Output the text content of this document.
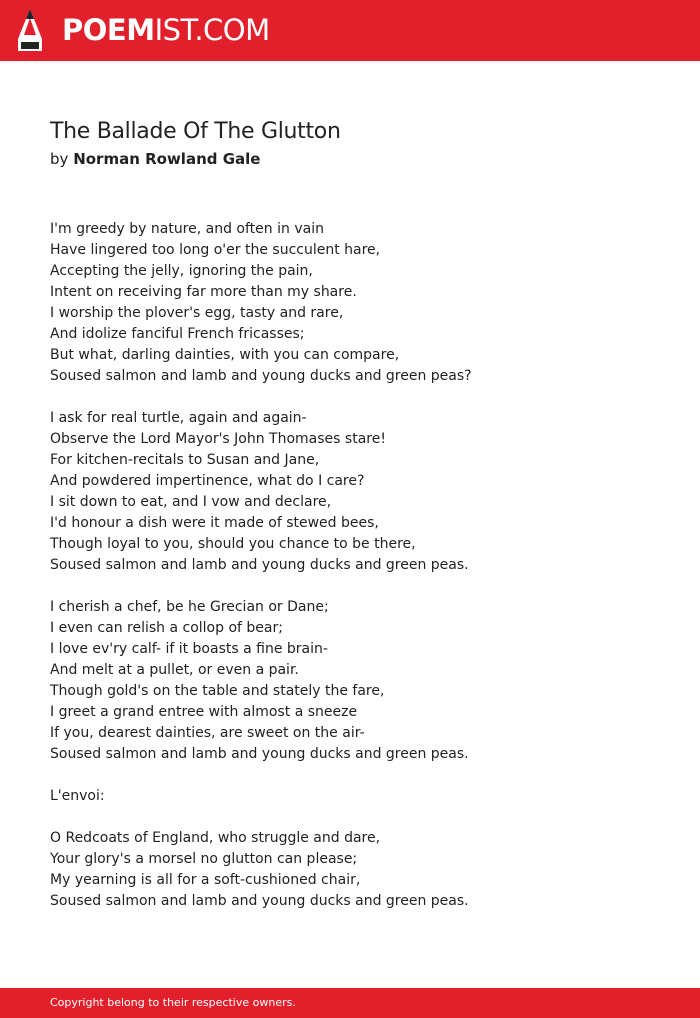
POEMIST.COM
The Ballade Of The Glutton
by Norman Rowland Gale
I'm greedy by nature, and often in vain
Have lingered too long o'er the succulent hare,
Accepting the jelly, ignoring the pain,
Intent on receiving far more than my share.
I worship the plover's egg, tasty and rare,
And idolize fanciful French fricasses;
But what, darling dainties, with you can compare,
Soused salmon and lamb and young ducks and green peas?
I ask for real turtle, again and again-
Observe the Lord Mayor's John Thomases stare!
For kitchen-recitals to Susan and Jane,
And powdered impertinence, what do I care?
I sit down to eat, and I vow and declare,
I'd honour a dish were it made of stewed bees,
Though loyal to you, should you chance to be there,
Soused salmon and lamb and young ducks and green peas.
I cherish a chef, be he Grecian or Dane;
I even can relish a collop of bear;
I love ev'ry calf- if it boasts a fine brain-
And melt at a pullet, or even a pair.
Though gold's on the table and stately the fare,
I greet a grand entree with almost a sneeze
If you, dearest dainties, are sweet on the air-
Soused salmon and lamb and young ducks and green peas.
L'envoi:
O Redcoats of England, who struggle and dare,
Your glory's a morsel no glutton can please;
My yearning is all for a soft-cushioned chair,
Soused salmon and lamb and young ducks and green peas.
Copyright belong to their respective owners.
